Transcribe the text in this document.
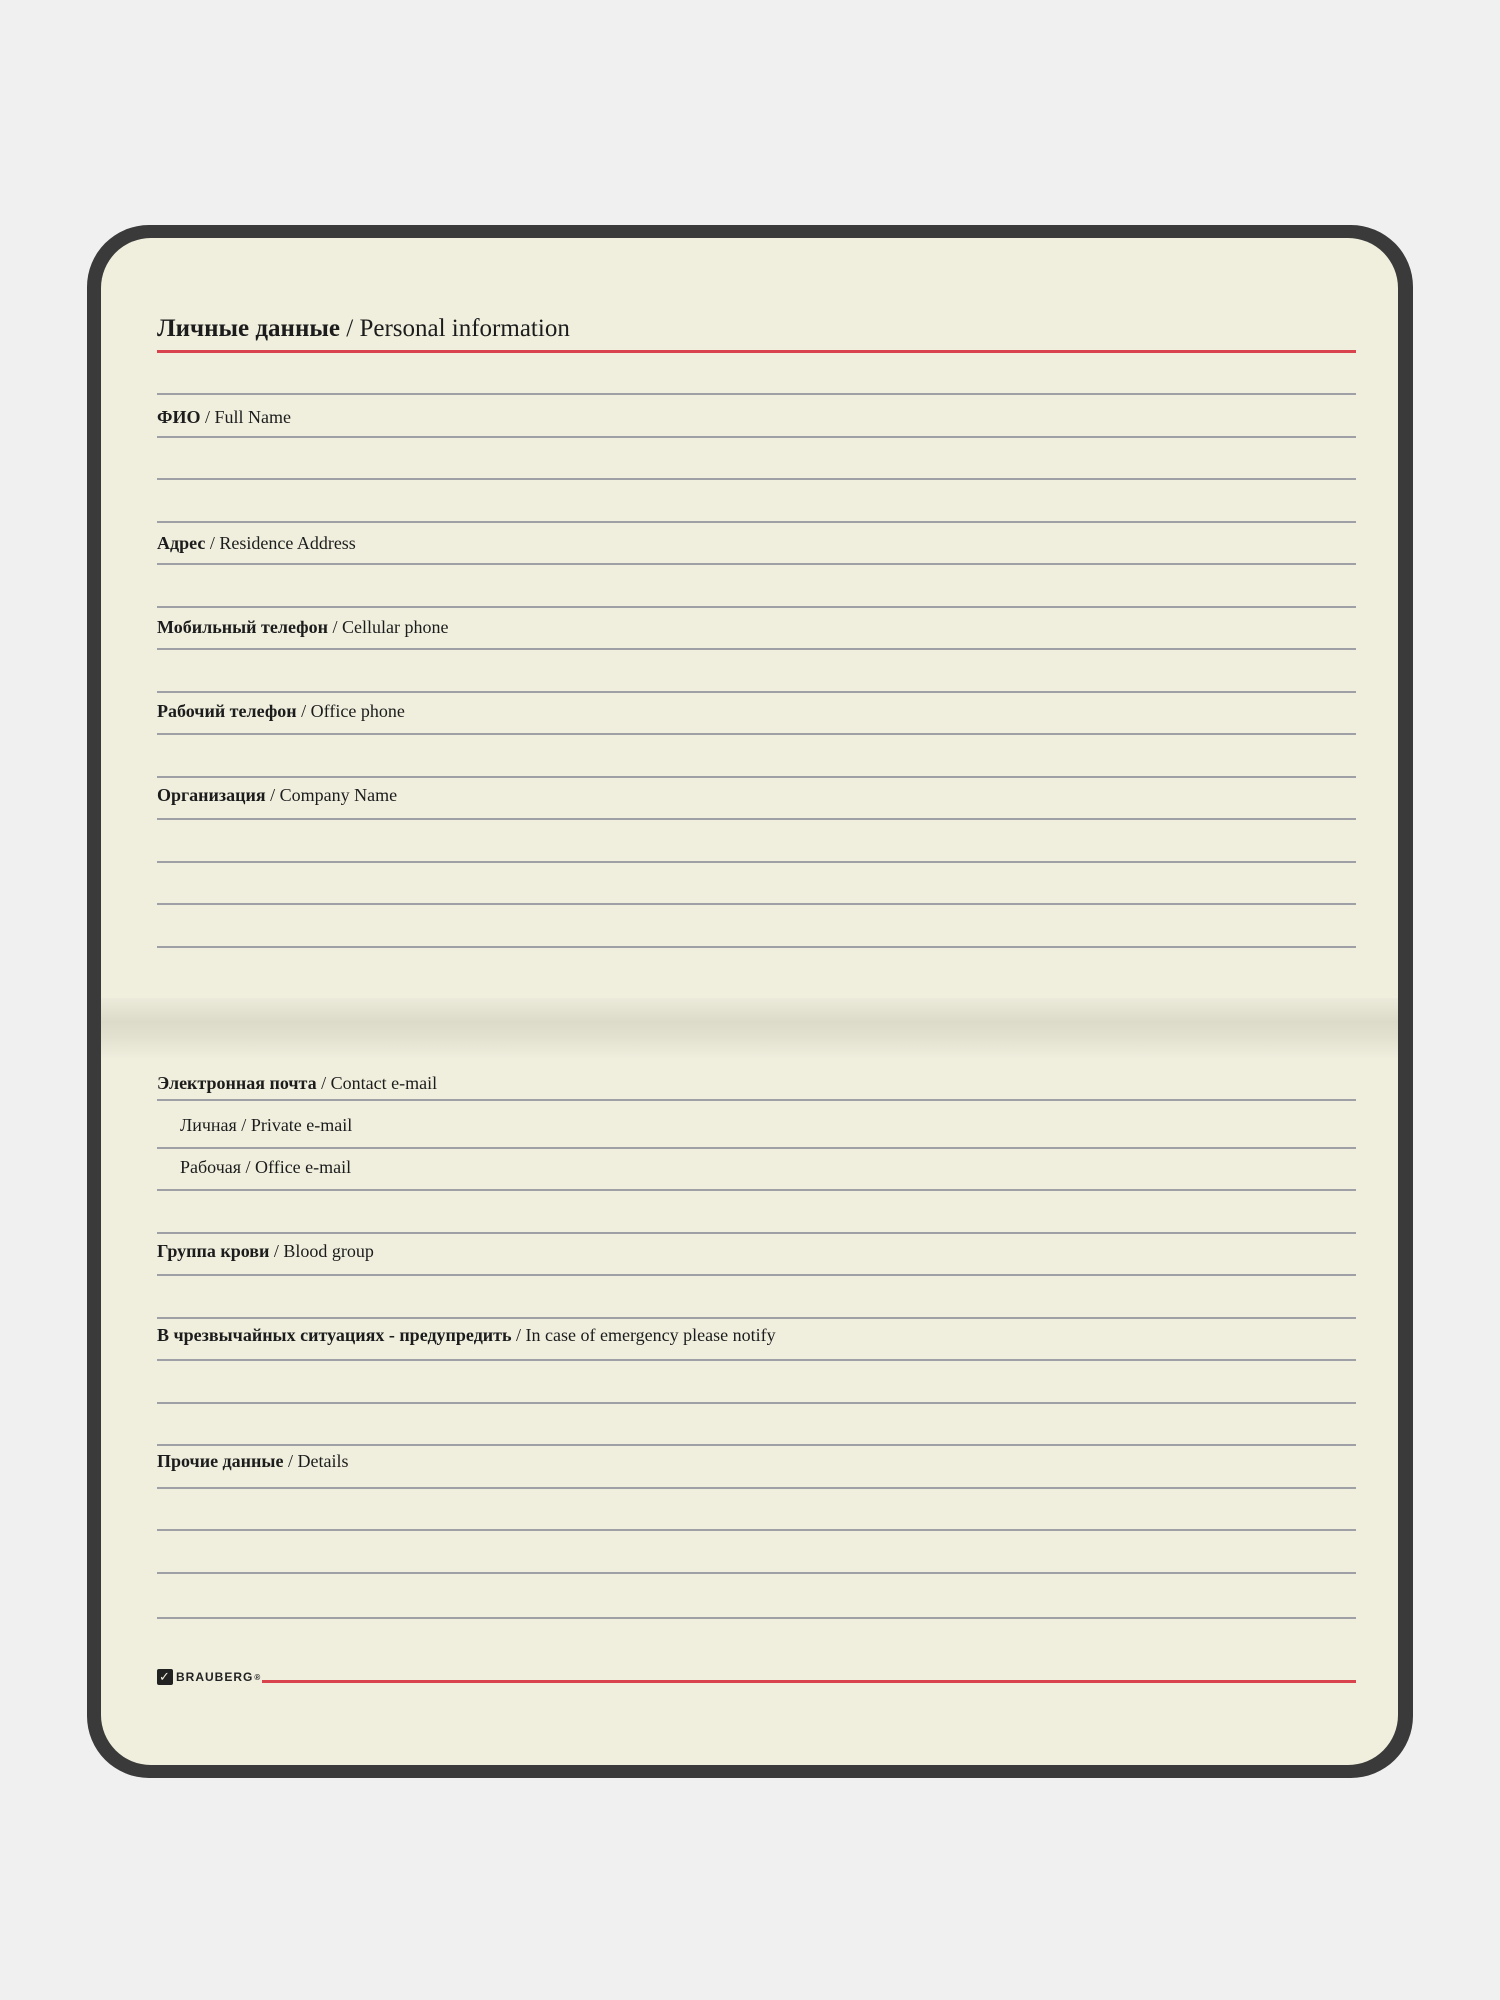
Личные данные / Personal information
ФИО / Full Name
Адрес / Residence Address
Мобильный телефон / Cellular phone
Рабочий телефон / Office phone
Организация / Company Name
Электронная почта / Contact e-mail
Личная / Private e-mail
Рабочая / Office e-mail
Группа крови / Blood group
В чрезвычайных ситуациях - предупредить / In case of emergency please notify
Прочие данные / Details
✓ BRAUBERG ®
